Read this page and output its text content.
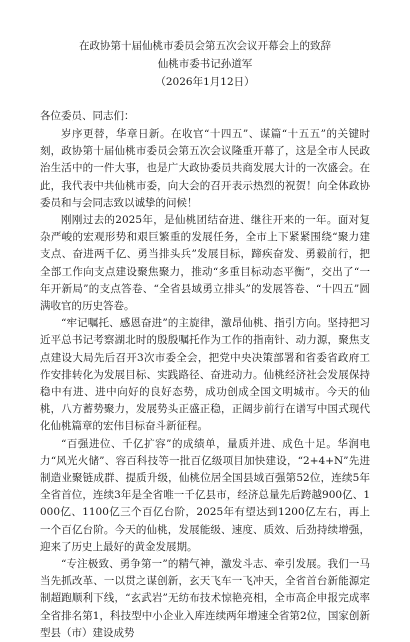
在政协第十届仙桃市委员会第五次会议开幕会上的致辞

仙桃市委书记孙道军

（2026年1月12日）

各位委员、同志们：

岁序更替，华章日新。在收官“十四五”、谋篇“十五五”的关键时刻，政协第十届仙桃市委员会第五次会议隆重开幕了，这是全市人民政治生活中的一件大事，也是广大政协委员共商发展大计的一次盛会。在此，我代表中共仙桃市委，向大会的召开表示热烈的祝贺！向全体政协委员和与会同志致以诚挚的问候！

刚刚过去的2025年，是仙桃团结奋进、继往开来的一年。面对复杂严峻的宏观形势和艰巨繁重的发展任务，全市上下紧紧围绕“聚力建支点、奋进两千亿、勇当排头兵”发展目标，蹄疾奋发、勇毅前行，把全部工作向支点建设聚焦聚力，推动“多重目标动态平衡”，交出了“一年开新局”的支点答卷、“全省县域勇立排头”的发展答卷、“十四五”圆满收官的历史答卷。

“牢记嘱托、感恩奋进”的主旋律，激昂仙桃、指引方向。坚持把习近平总书记考察湖北时的殷殷嘱托作为工作的指南针、动力源，聚焦支点建设大局先后召开3次市委全会，把党中央决策部署和省委省政府工作安排转化为发展目标、实践路径、奋进动力。仙桃经济社会发展保持稳中有进、进中向好的良好态势，成功创成全国文明城市。今天的仙桃，八方蓄势聚力，发展势头正盛正稳，正阔步前行在谱写中国式现代化仙桃篇章的宏伟目标奋斗新征程。

“百强进位、千亿扩容”的成绩单，量质并进、成色十足。华润电力“风光火储”、容百科技等一批百亿级项目加快建设，“2+4+N”先进制造业聚链成群、提质升级，仙桃位居全国县域百强第52位，连续5年全省首位，连续3年是全省唯一千亿县市，经济总量先后跨越900亿、1000亿、1100亿三个百亿台阶，2025年有望达到1200亿左右，再上一个百亿台阶。今天的仙桃，发展能级、速度、质效、后劲持续增强，迎来了历史上最好的黄金发展期。

“专注极致、勇争第一”的精气神，激发斗志、牵引发展。我们一马当先抓改革、一以贯之谋创新，玄天飞车一飞冲天，全省首台新能源定制超跑顺利下线，“玄武岩”无纺布技术惊艳亮相，全市高企申报完成率全省排名第1，科技型中小企业入库连续两年增速全省第2位，国家创新型县（市）建设成势
